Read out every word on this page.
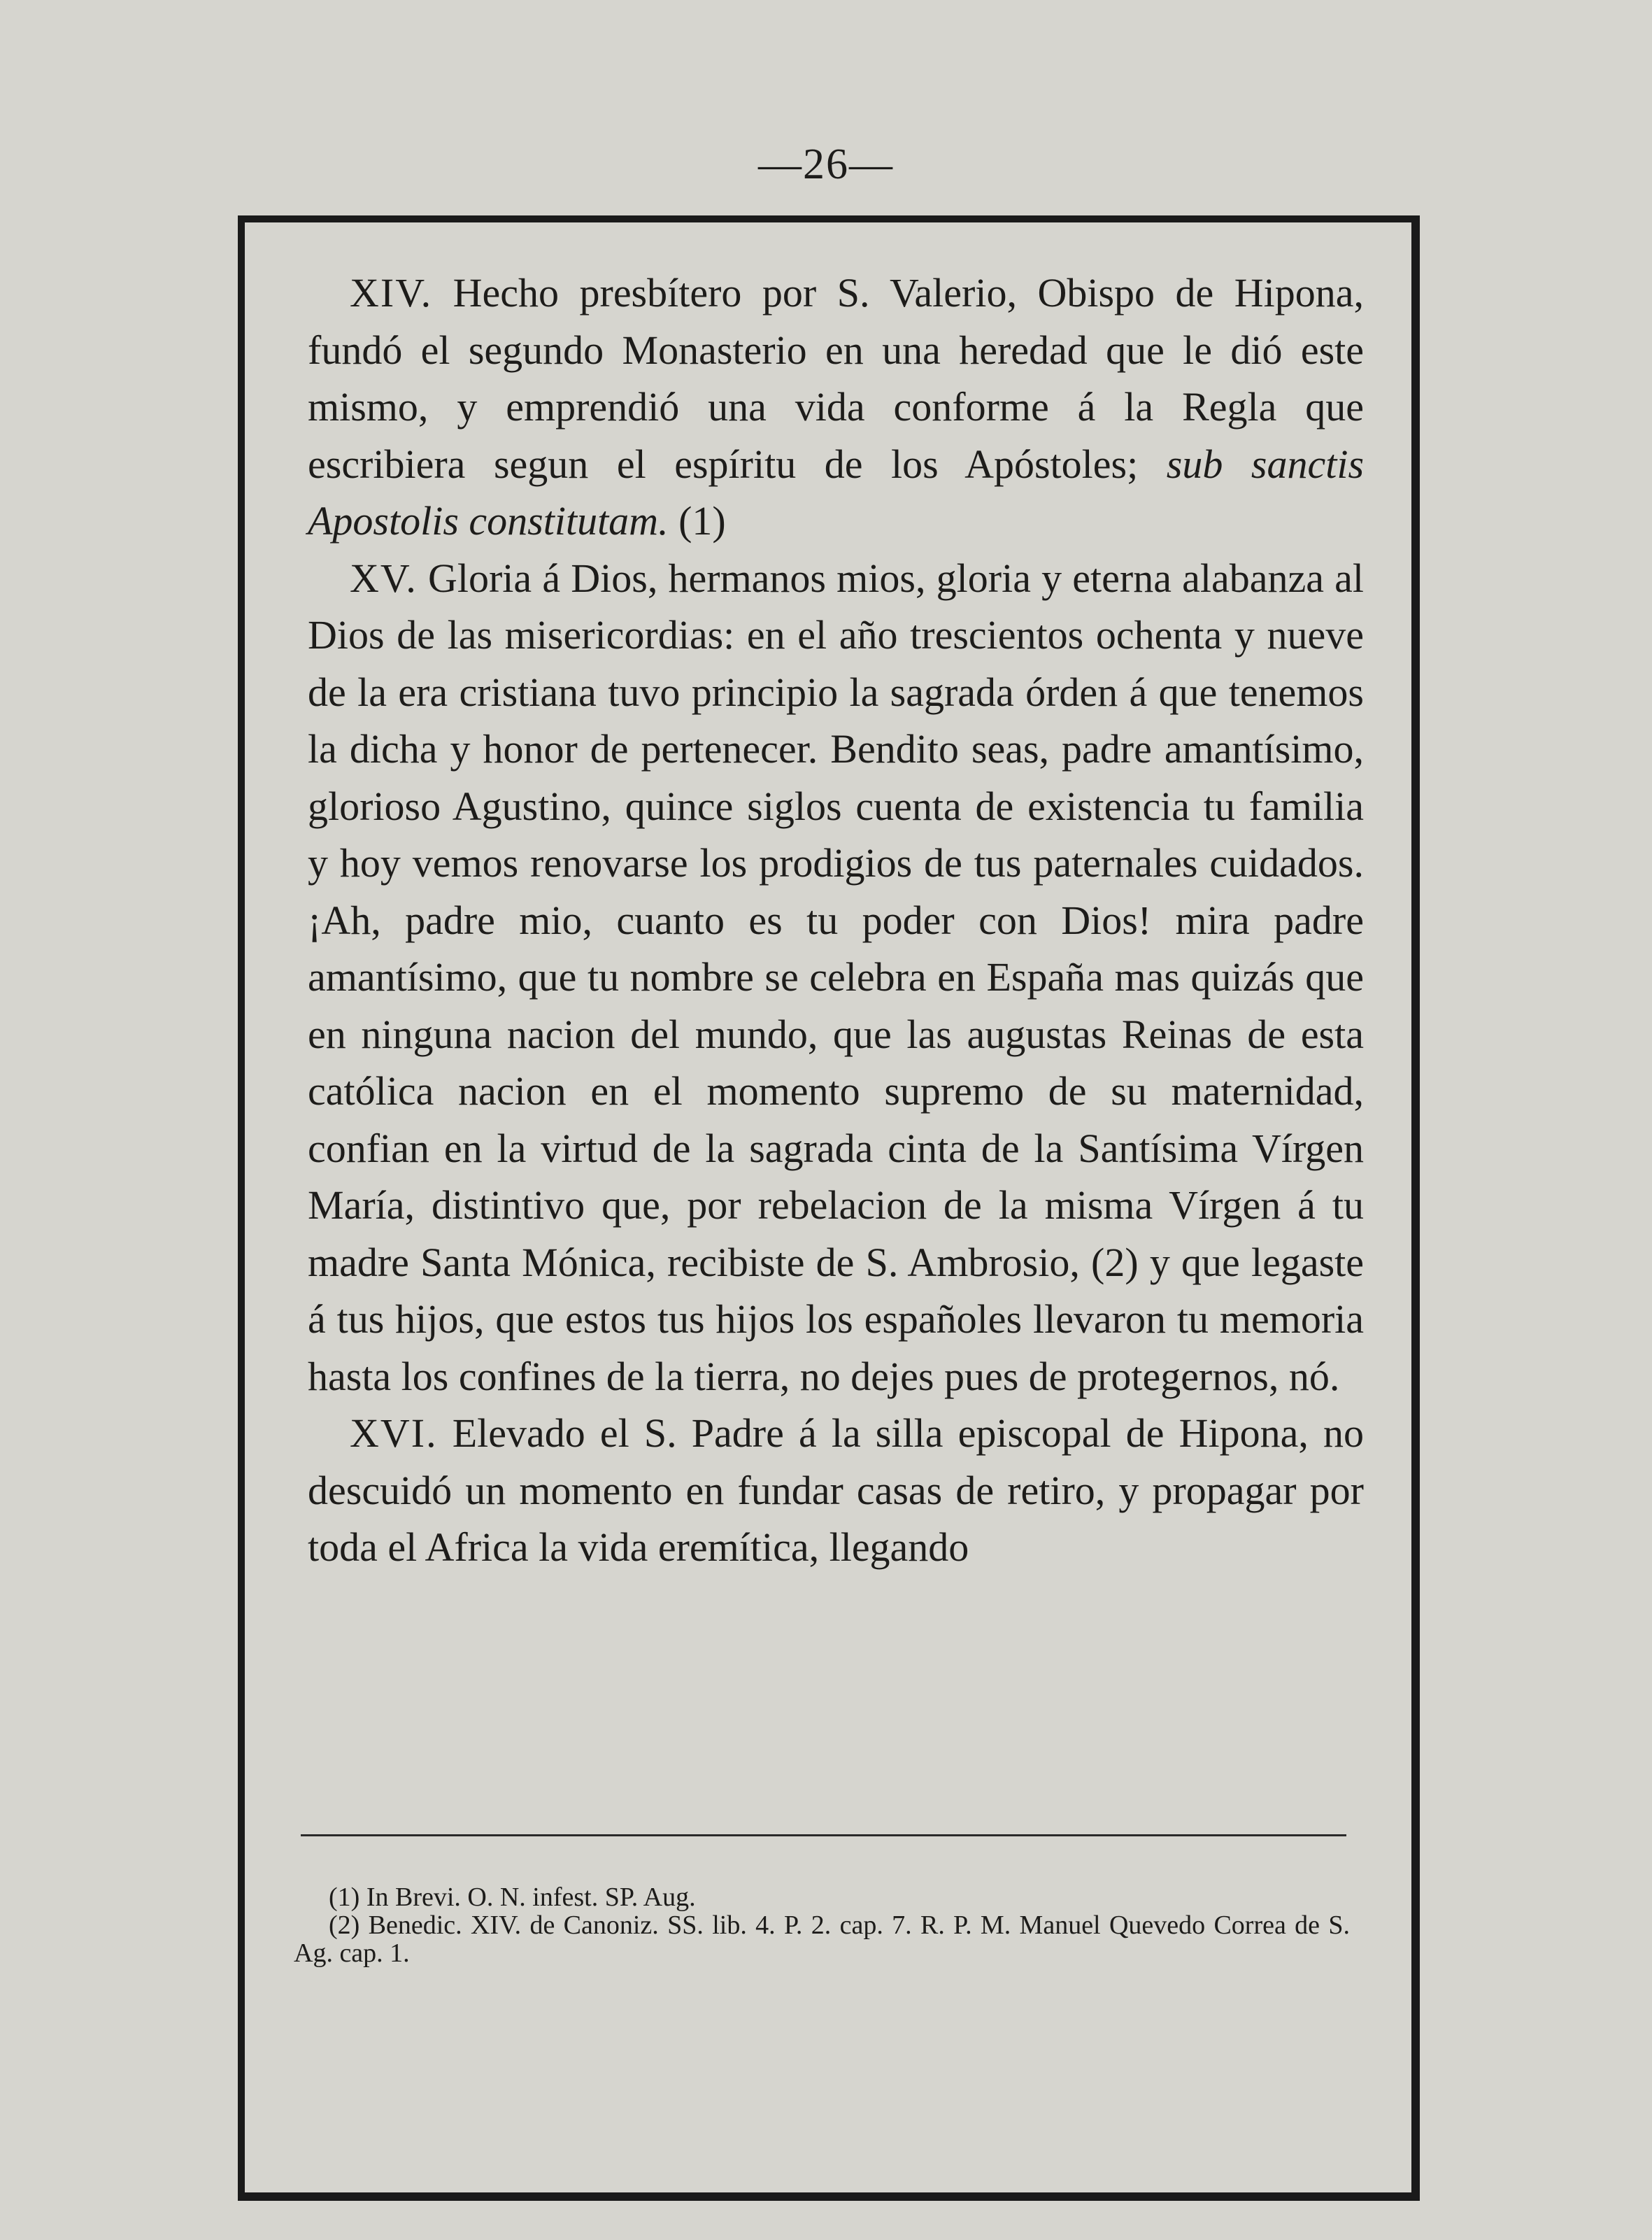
—26—

XIV. Hecho presbítero por S. Valerio, Obispo de Hipona, fundó el segundo Monasterio en una heredad que le dió este mismo, y emprendió una vida conforme á la Regla que escribiera segun el espíritu de los Apóstoles; sub sanctis Apostolis constitutam. (1)

XV. Gloria á Dios, hermanos mios, gloria y eterna alabanza al Dios de las misericordias: en el año trescientos ochenta y nueve de la era cristiana tuvo principio la sagrada órden á que tenemos la dicha y honor de pertenecer. Bendito seas, padre amantísimo, glorioso Agustino, quince siglos cuenta de existencia tu familia y hoy vemos renovarse los prodigios de tus paternales cuidados. ¡Ah, padre mio, cuanto es tu poder con Dios! mira padre amantísimo, que tu nombre se celebra en España mas quizás que en ninguna nacion del mundo, que las augustas Reinas de esta católica nacion en el momento supremo de su maternidad, confian en la virtud de la sagrada cinta de la Santísima Vírgen María, distintivo que, por rebelacion de la misma Vírgen á tu madre Santa Mónica, recibiste de S. Ambrosio, (2) y que legaste á tus hijos, que estos tus hijos los españoles llevaron tu memoria hasta los confines de la tierra, no dejes pues de protegernos, nó.

XVI. Elevado el S. Padre á la silla episcopal de Hipona, no descuidó un momento en fundar casas de retiro, y propagar por toda el Africa la vida eremítica, llegando

(1) In Brevi. O. N. infest. SP. Aug.

(2) Benedic. XIV. de Canoniz. SS. lib. 4. P. 2. cap. 7. R. P. M. Manuel Quevedo Correa de S. Ag. cap. 1.
